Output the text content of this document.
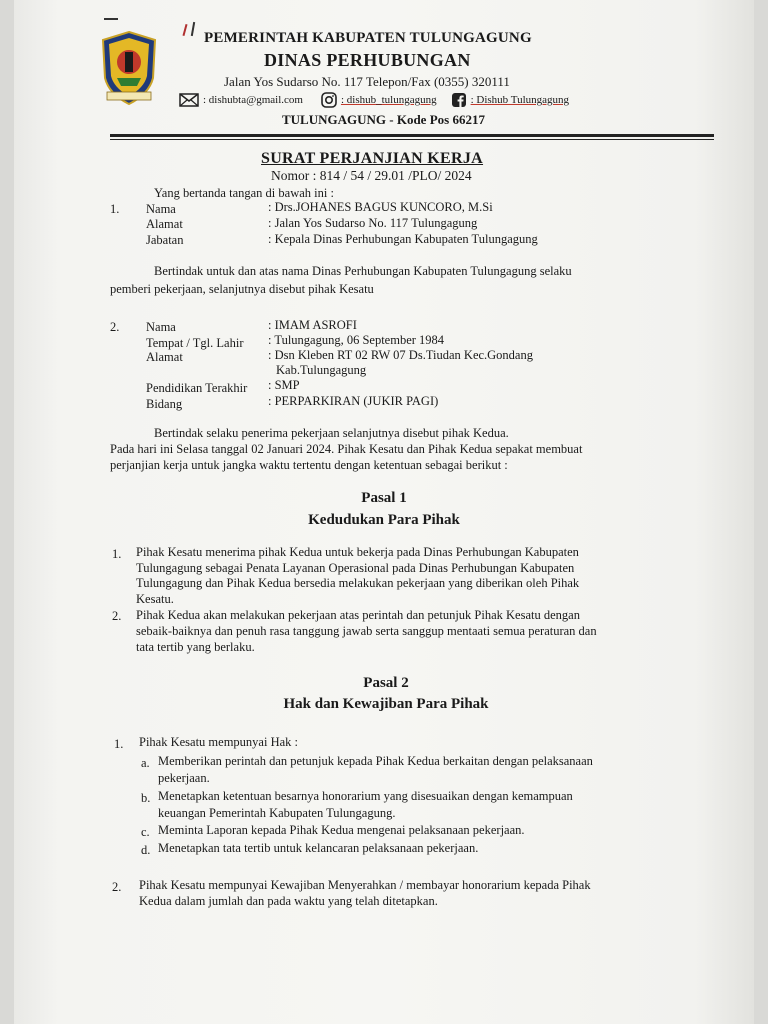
PEMERINTAH KABUPATEN TULUNGAGUNG
DINAS PERHUBUNGAN
Jalan Yos Sudarso No. 117 Telepon/Fax (0355) 320111
: dishubta@gmail.com	: dishub_tulungagung	: Dishub Tulungagung
TULUNGAGUNG - Kode Pos 66217
SURAT PERJANJIAN KERJA
Nomor : 814 / 54 / 29.01 /PLO/ 2024
Yang bertanda tangan di bawah ini :
1. Nama	: Drs.JOHANES BAGUS KUNCORO, M.Si
Alamat	: Jalan Yos Sudarso No. 117 Tulungagung
Jabatan	: Kepala Dinas Perhubungan Kabupaten Tulungagung
Bertindak untuk dan atas nama Dinas Perhubungan Kabupaten Tulungagung selaku
pemberi pekerjaan, selanjutnya disebut pihak Kesatu
2. Nama	: IMAM ASROFI
Tempat / Tgl. Lahir : Tulungagung, 06 September 1984
Alamat	: Dsn Kleben RT 02 RW 07 Ds.Tiudan Kec.Gondang
Kab.Tulungagung
Pendidikan Terakhir : SMP
Bidang	: PERPARKIRAN (JUKIR PAGI)
Bertindak selaku penerima pekerjaan selanjutnya disebut pihak Kedua.
Pada hari ini Selasa tanggal 02 Januari 2024. Pihak Kesatu dan Pihak Kedua sepakat membuat
perjanjian kerja untuk jangka waktu tertentu dengan ketentuan sebagai berikut :
Pasal 1
Kedudukan Para Pihak
1. Pihak Kesatu menerima pihak Kedua untuk bekerja pada Dinas Perhubungan Kabupaten
Tulungagung sebagai Penata Layanan Operasional pada Dinas Perhubungan Kabupaten
Tulungagung dan Pihak Kedua bersedia melakukan pekerjaan yang diberikan oleh Pihak
Kesatu.
2. Pihak Kedua akan melakukan pekerjaan atas perintah dan petunjuk Pihak Kesatu dengan
sebaik-baiknya dan penuh rasa tanggung jawab serta sanggup mentaati semua peraturan dan
tata tertib yang berlaku.
Pasal 2
Hak dan Kewajiban Para Pihak
1. Pihak Kesatu mempunyai Hak :
a. Memberikan perintah dan petunjuk kepada Pihak Kedua berkaitan dengan pelaksanaan
pekerjaan.
b. Menetapkan ketentuan besarnya honorarium yang disesuaikan dengan kemampuan
keuangan Pemerintah Kabupaten Tulungagung.
c. Meminta Laporan kepada Pihak Kedua mengenai pelaksanaan pekerjaan.
d. Menetapkan tata tertib untuk kelancaran pelaksanaan pekerjaan.
2. Pihak Kesatu mempunyai Kewajiban Menyerahkan / membayar honorarium kepada Pihak
Kedua dalam jumlah dan pada waktu yang telah ditetapkan.
